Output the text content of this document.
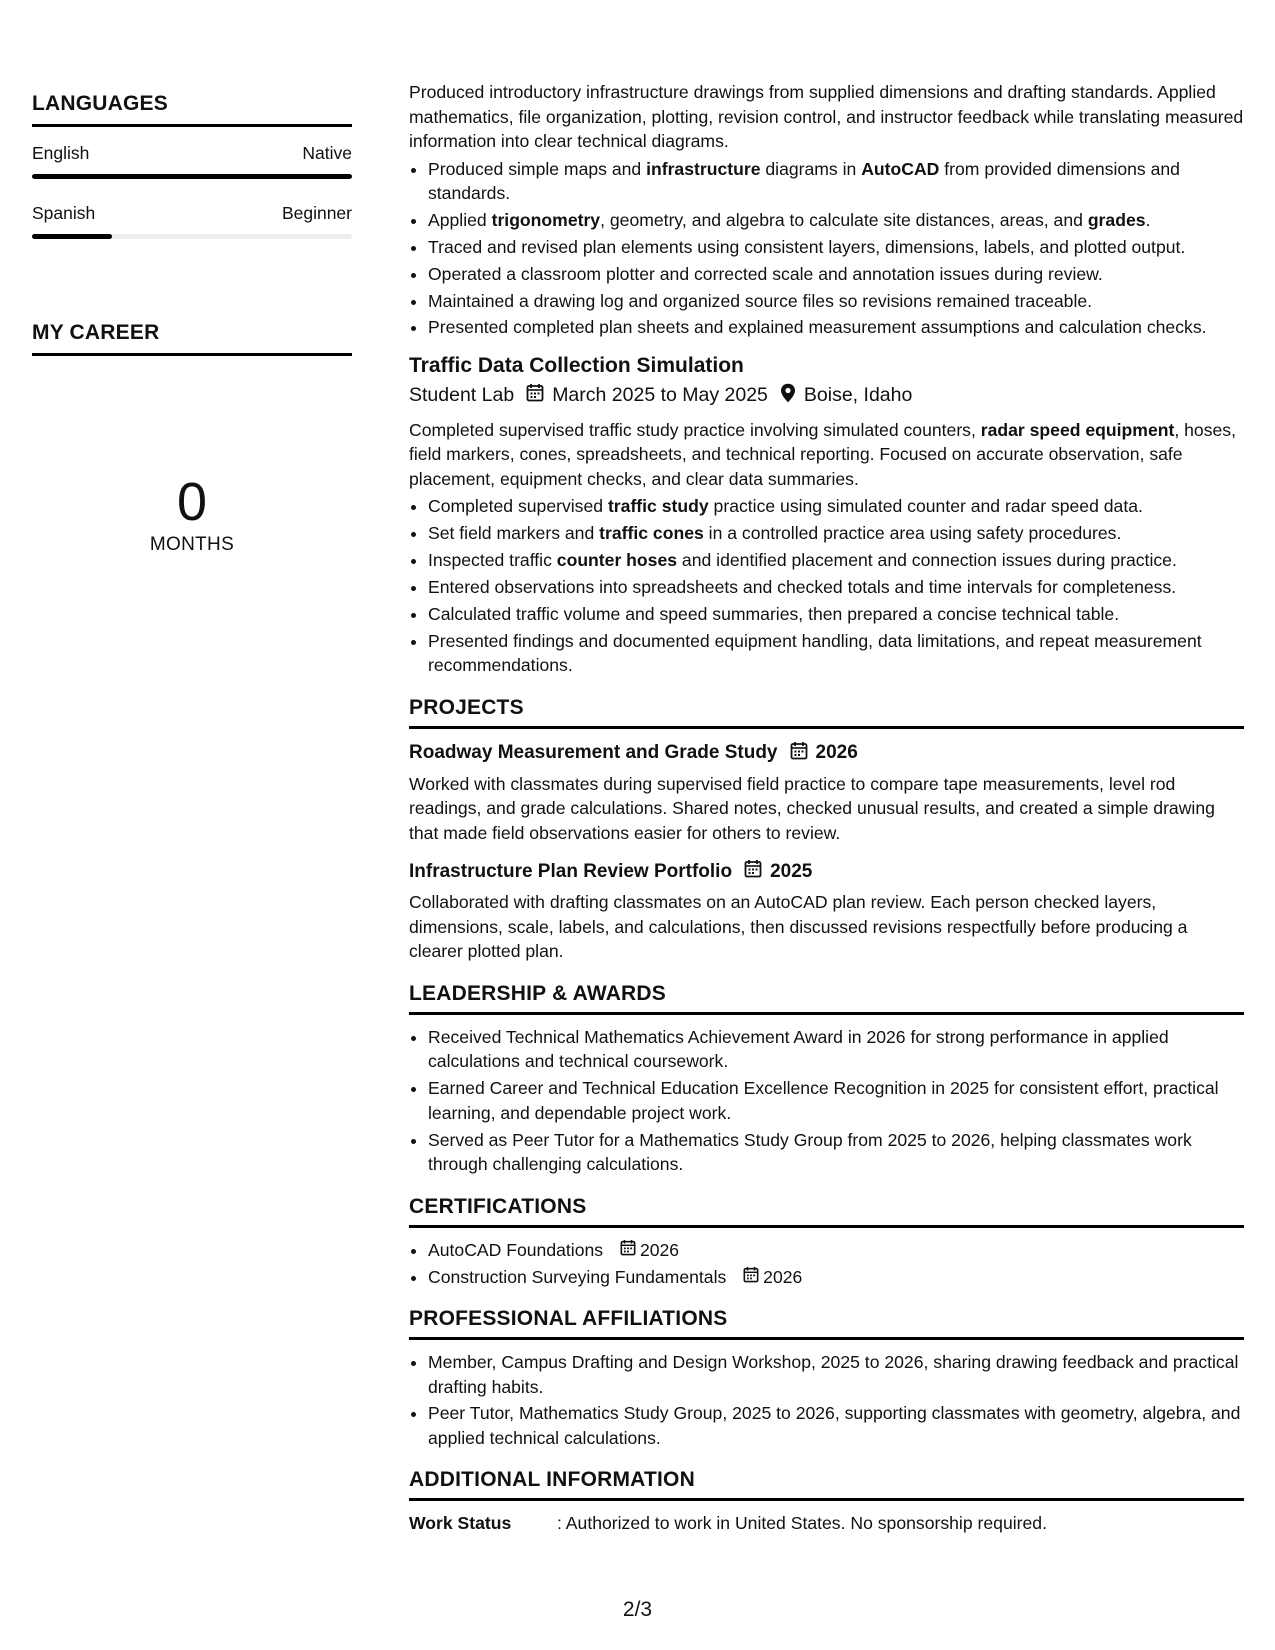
LANGUAGES
English	Native
Spanish	Beginner
MY CAREER
0
MONTHS

Produced introductory infrastructure drawings from supplied dimensions and drafting standards. Applied mathematics, file organization, plotting, revision control, and instructor feedback while translating measured information into clear technical diagrams.

• Produced simple maps and infrastructure diagrams in AutoCAD from provided dimensions and standards.
• Applied trigonometry, geometry, and algebra to calculate site distances, areas, and grades.
• Traced and revised plan elements using consistent layers, dimensions, labels, and plotted output.
• Operated a classroom plotter and corrected scale and annotation issues during review.
• Maintained a drawing log and organized source files so revisions remained traceable.
• Presented completed plan sheets and explained measurement assumptions and calculation checks.
Traffic Data Collection Simulation
Student Lab March 2025 to May 2025 Boise, Idaho

Completed supervised traffic study practice involving simulated counters, radar speed equipment, hoses, field markers, cones, spreadsheets, and technical reporting. Focused on accurate observation, safe placement, equipment checks, and clear data summaries.

• Completed supervised traffic study practice using simulated counter and radar speed data.
• Set field markers and traffic cones in a controlled practice area using safety procedures.
• Inspected traffic counter hoses and identified placement and connection issues during practice.
• Entered observations into spreadsheets and checked totals and time intervals for completeness.
• Calculated traffic volume and speed summaries, then prepared a concise technical table.
• Presented findings and documented equipment handling, data limitations, and repeat measurement recommendations.
PROJECTS
Roadway Measurement and Grade Study 2026

Worked with classmates during supervised field practice to compare tape measurements, level rod readings, and grade calculations. Shared notes, checked unusual results, and created a simple drawing that made field observations easier for others to review.

Infrastructure Plan Review Portfolio 2025

Collaborated with drafting classmates on an AutoCAD plan review. Each person checked layers, dimensions, scale, labels, and calculations, then discussed revisions respectfully before producing a clearer plotted plan.

LEADERSHIP & AWARDS
• Received Technical Mathematics Achievement Award in 2026 for strong performance in applied calculations and technical coursework.
• Earned Career and Technical Education Excellence Recognition in 2025 for consistent effort, practical learning, and dependable project work.
• Served as Peer Tutor for a Mathematics Study Group from 2025 to 2026, helping classmates work through challenging calculations.
CERTIFICATIONS
• AutoCAD Foundations 2026
• Construction Surveying Fundamentals 2026
PROFESSIONAL AFFILIATIONS
• Member, Campus Drafting and Design Workshop, 2025 to 2026, sharing drawing feedback and practical drafting habits.
• Peer Tutor, Mathematics Study Group, 2025 to 2026, supporting classmates with geometry, algebra, and applied technical calculations.
ADDITIONAL INFORMATION
Work Status	: Authorized to work in United States. No sponsorship required.
2/3
